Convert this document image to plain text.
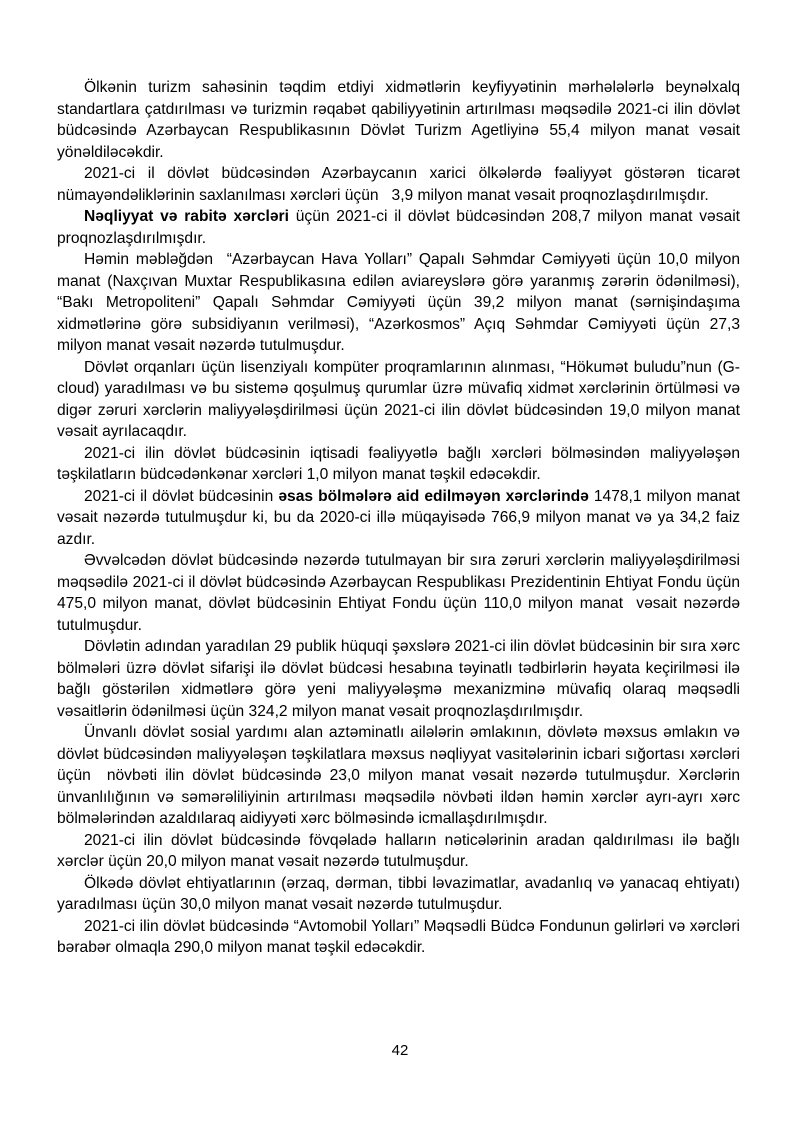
Ölkənin turizm sahəsinin təqdim etdiyi xidmətlərin keyfiyyətinin mərhələlərlə beynəlxalq standartlara çatdırılması və turizmin rəqabət qabiliyyətinin artırılması məqsədilə 2021-ci ilin dövlət büdcəsində Azərbaycan Respublikasının Dövlət Turizm Agetliyinə 55,4 milyon manat vəsait yönəldiləcəkdir.

2021-ci il dövlət büdcəsindən Azərbaycanın xarici ölkələrdə fəaliyyət göstərən ticarət nümayəndəliklərinin saxlanılması xərcləri üçün   3,9 milyon manat vəsait proqnozlaşdırılmışdır.

Nəqliyyat və rabitə xərcləri üçün 2021-ci il dövlət büdcəsindən 208,7 milyon manat vəsait proqnozlaşdırılmışdır.

Həmin məbləğdən  “Azərbaycan Hava Yolları” Qapalı Səhmdar Cəmiyyəti üçün 10,0 milyon manat (Naxçıvan Muxtar Respublikasına edilən aviareyslərə görə yaranmış zərərin ödənilməsi), “Bakı Metropoliteni” Qapalı Səhmdar Cəmiyyəti üçün 39,2 milyon manat (sərnişindaşıma xidmətlərinə görə subsidiyanın verilməsi), “Azərkosmos” Açıq Səhmdar Cəmiyyəti üçün 27,3 milyon manat vəsait nəzərdə tutulmuşdur.

Dövlət orqanları üçün lisenziyalı kompüter proqramlarının alınması, “Hökumət buludu”nun (G-cloud) yaradılması və bu sistemə qoşulmuş qurumlar üzrə müvafiq xidmət xərclərinin örtülməsi və digər zəruri xərclərin maliyyələşdirilməsi üçün 2021-ci ilin dövlət büdcəsindən 19,0 milyon manat vəsait ayrılacaqdır.

2021-ci ilin dövlət büdcəsinin iqtisadi fəaliyyətlə bağlı xərcləri bölməsindən maliyyələşən təşkilatların büdcədənkənar xərcləri 1,0 milyon manat təşkil edəcəkdir.

2021-ci il dövlət büdcəsinin əsas bölmələrə aid edilməyən xərclərində 1478,1 milyon manat vəsait nəzərdə tutulmuşdur ki, bu da 2020-ci illə müqayisədə 766,9 milyon manat və ya 34,2 faiz azdır.

Əvvəlcədən dövlət büdcəsində nəzərdə tutulmayan bir sıra zəruri xərclərin maliyyələşdirilməsi məqsədilə 2021-ci il dövlət büdcəsində Azərbaycan Respublikası Prezidentinin Ehtiyat Fondu üçün 475,0 milyon manat, dövlət büdcəsinin Ehtiyat Fondu üçün 110,0 milyon manat  vəsait nəzərdə tutulmuşdur.

Dövlətin adından yaradılan 29 publik hüquqi şəxslərə 2021-ci ilin dövlət büdcəsinin bir sıra xərc bölmələri üzrə dövlət sifarişi ilə dövlət büdcəsi hesabına təyinatlı tədbirlərin həyata keçirilməsi ilə bağlı göstərilən xidmətlərə görə yeni maliyyələşmə mexanizminə müvafiq olaraq məqsədli vəsaitlərin ödənilməsi üçün 324,2 milyon manat vəsait proqnozlaşdırılmışdır.

Ünvanlı dövlət sosial yardımı alan aztəminatlı ailələrin əmlakının, dövlətə məxsus əmlakın və dövlət büdcəsindən maliyyələşən təşkilatlara məxsus nəqliyyat vasitələrinin icbari sığortası xərcləri üçün  növbəti ilin dövlət büdcəsində 23,0 milyon manat vəsait nəzərdə tutulmuşdur. Xərclərin ünvanlılığının və səmərəliliyinin artırılması məqsədilə növbəti ildən həmin xərclər ayrı-ayrı xərc bölmələrindən azaldılaraq aidiyyəti xərc bölməsində icmallaşdırılmışdır.

2021-ci ilin dövlət büdcəsində fövqəladə halların nəticələrinin aradan qaldırılması ilə bağlı xərclər üçün 20,0 milyon manat vəsait nəzərdə tutulmuşdur.

Ölkədə dövlət ehtiyatlarının (ərzaq, dərman, tibbi ləvazimatlar, avadanlıq və yanacaq ehtiyatı) yaradılması üçün 30,0 milyon manat vəsait nəzərdə tutulmuşdur.

2021-ci ilin dövlət büdcəsində “Avtomobil Yolları” Məqsədli Büdcə Fondunun gəlirləri və xərcləri bərabər olmaqla 290,0 milyon manat təşkil edəcəkdir.

42
